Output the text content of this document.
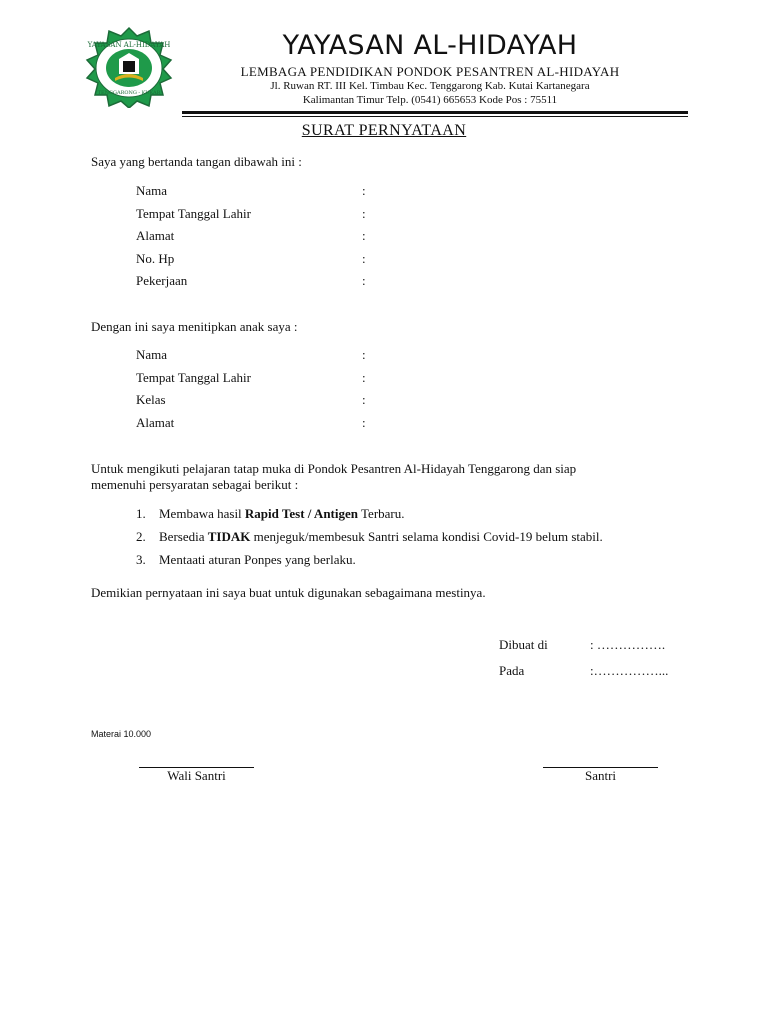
YAYASAN AL-HIDAYAH
TENGGARONG - KUKAR
YAYASAN AL-HIDAYAH
LEMBAGA PENDIDIKAN PONDOK PESANTREN AL-HIDAYAH
Jl. Ruwan RT. III Kel. Timbau Kec. Tenggarong Kab. Kutai Kartanegara
Kalimantan Timur Telp. (0541) 665653 Kode Pos : 75511
SURAT PERNYATAAN
Saya yang bertanda tangan dibawah ini :
Nama	:
Tempat Tanggal Lahir	:
Alamat	:
No. Hp	:
Pekerjaan	:
Dengan ini saya menitipkan anak saya :
Nama	:
Tempat Tanggal Lahir	:
Kelas	:
Alamat	:
Untuk mengikuti pelajaran tatap muka di Pondok Pesantren Al-Hidayah Tenggarong dan siap
memenuhi persyaratan sebagai berikut :
1. Membawa hasil Rapid Test / Antigen Terbaru.
2. Bersedia TIDAK menjeguk/membesuk Santri selama kondisi Covid-19 belum stabil.
3. Mentaati aturan Ponpes yang berlaku.
Demikian pernyataan ini saya buat untuk digunakan sebagaimana mestinya.
Dibuat di	: …………….
Pada	:……………...
Materai 10.000
Wali Santri	Santri
